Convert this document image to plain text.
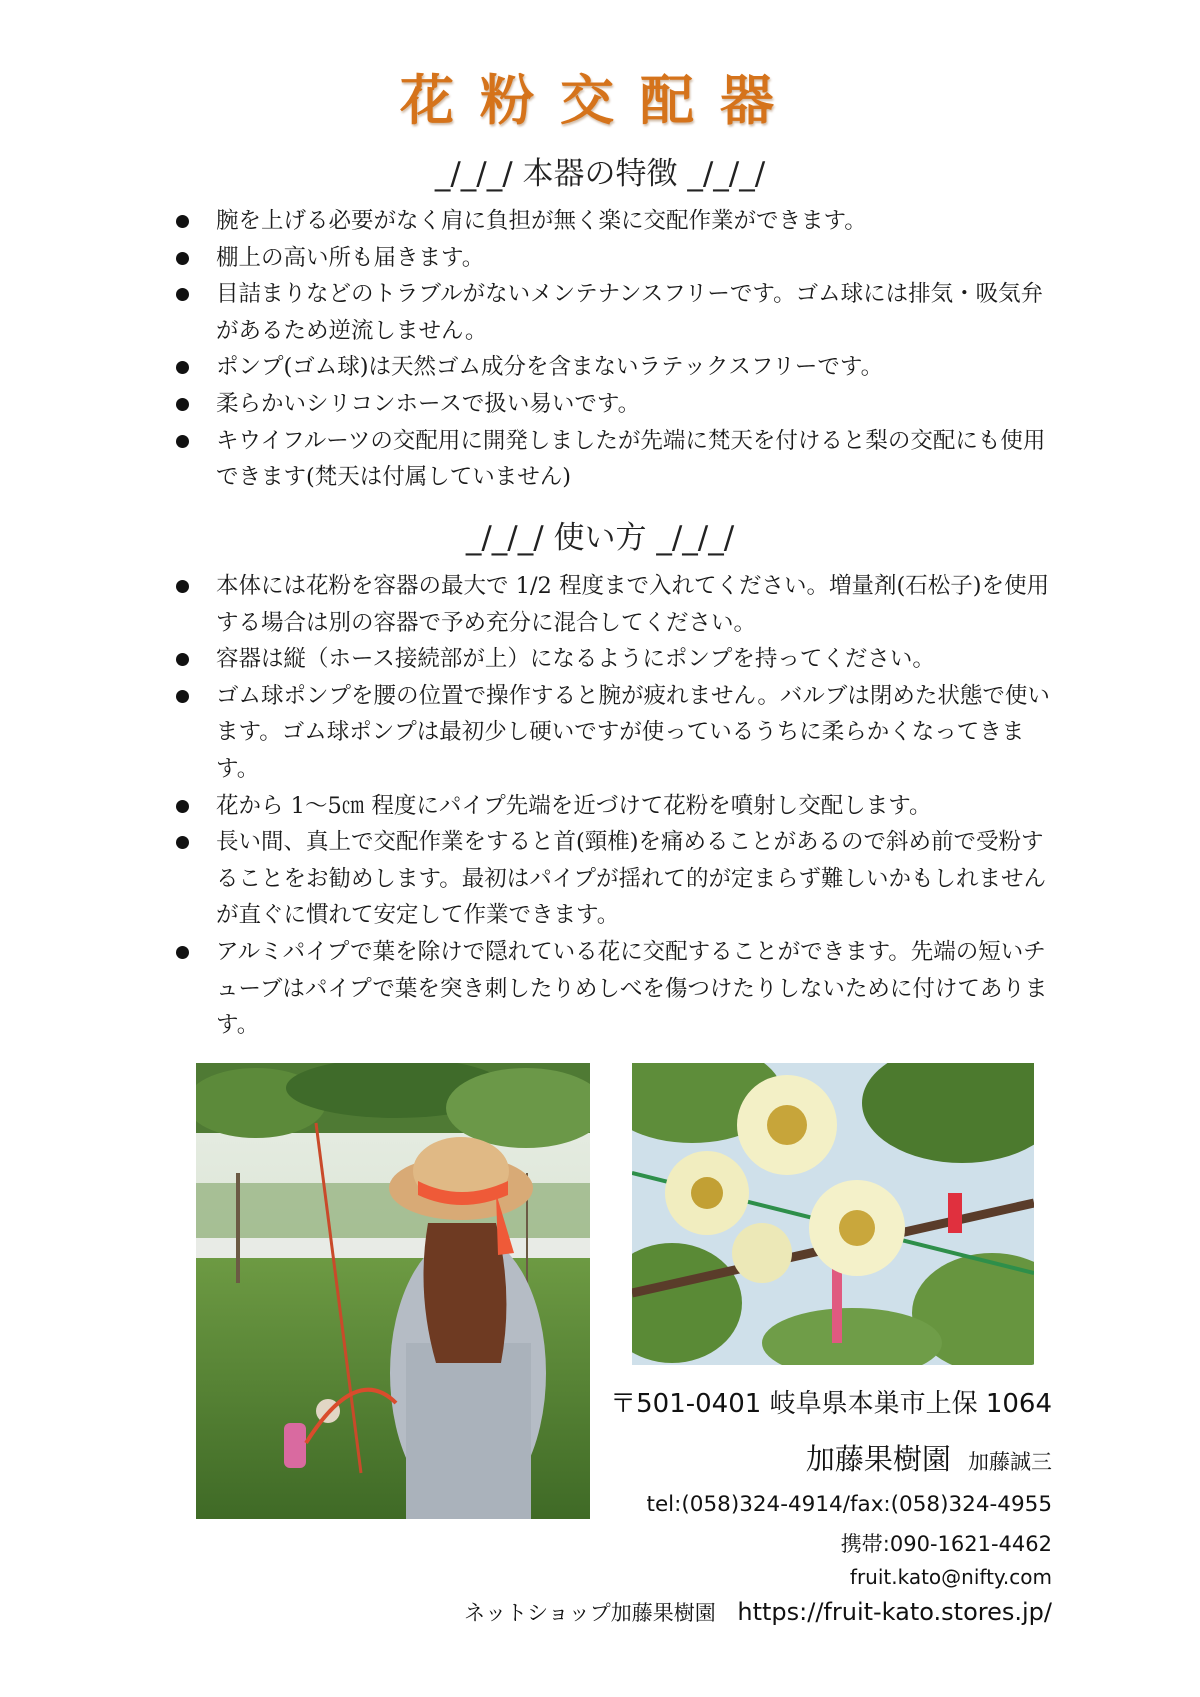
花粉交配器
_/_/_/ 本器の特徴 _/_/_/
腕を上げる必要がなく肩に負担が無く楽に交配作業ができます。
棚上の高い所も届きます。
目詰まりなどのトラブルがないメンテナンスフリーです。ゴム球には排気・吸気弁があるため逆流しません。
ポンプ(ゴム球)は天然ゴム成分を含まないラテックスフリーです。
柔らかいシリコンホースで扱い易いです。
キウイフルーツの交配用に開発しましたが先端に梵天を付けると梨の交配にも使用できます(梵天は付属していません)
_/_/_/ 使い方 _/_/_/
本体には花粉を容器の最大で 1/2 程度まで入れてください。増量剤(石松子)を使用する場合は別の容器で予め充分に混合してください。
容器は縦（ホース接続部が上）になるようにポンプを持ってください。
ゴム球ポンプを腰の位置で操作すると腕が疲れません。バルブは閉めた状態で使います。ゴム球ポンプは最初少し硬いですが使っているうちに柔らかくなってきます。
花から 1～5㎝ 程度にパイプ先端を近づけて花粉を噴射し交配します。
長い間、真上で交配作業をすると首(頸椎)を痛めることがあるので斜め前で受粉することをお勧めします。最初はパイプが揺れて的が定まらず難しいかもしれませんが直ぐに慣れて安定して作業できます。
アルミパイプで葉を除けで隠れている花に交配することができます。先端の短いチューブはパイプで葉を突き刺したりめしべを傷つけたりしないために付けてあります。
〒501-0401 岐阜県本巣市上保 1064
加藤果樹園 加藤誠三
tel:(058)324-4914/fax:(058)324-4955
携帯:090-1621-4462
fruit.kato@nifty.com
ネットショップ加藤果樹園 https://fruit-kato.stores.jp/
